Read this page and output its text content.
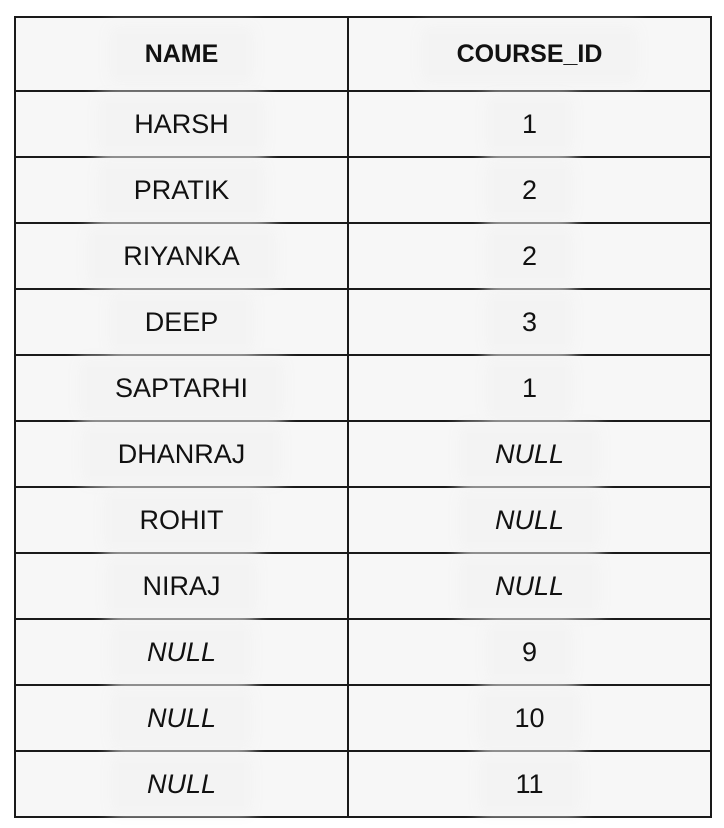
NAME	COURSE_ID
HARSH	1
PRATIK	2
RIYANKA	2
DEEP	3
SAPTARHI	1
DHANRAJ	NULL
ROHIT	NULL
NIRAJ	NULL
NULL	9
NULL	10
NULL	11
